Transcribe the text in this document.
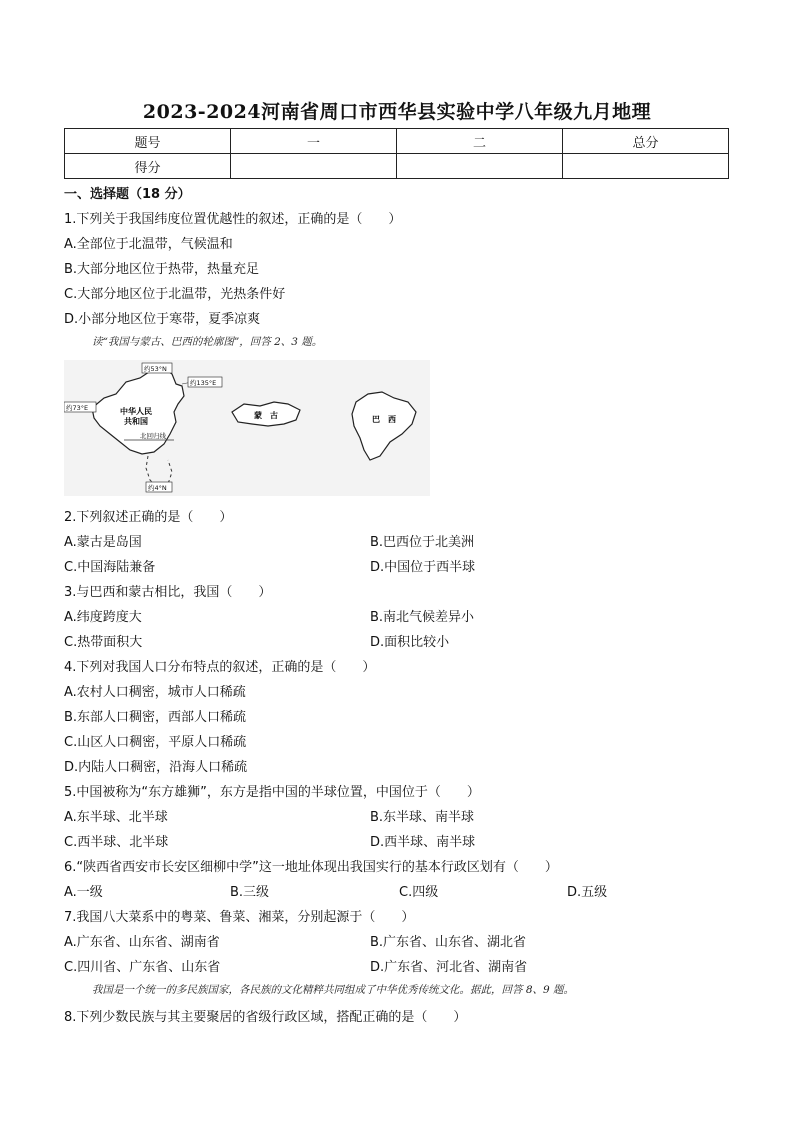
2023-2024河南省周口市西华县实验中学八年级九月地理
题号	一	二	总分
得分			
一、选择题（18 分）
1.下列关于我国纬度位置优越性的叙述，正确的是（　　）
A.全部位于北温带，气候温和
B.大部分地区位于热带，热量充足
C.大部分地区位于北温带，光热条件好
D.小部分地区位于寒带，夏季凉爽
读“我国与蒙古、巴西的轮廓图”，回答 2、3 题。
约53°N
约135°E
约73°E
约4°N
中华人民
共和国
北回归线
蒙　古	巴　西
2.下列叙述正确的是（　　）
A.蒙古是岛国	B.巴西位于北美洲
C.中国海陆兼备	D.中国位于西半球
3.与巴西和蒙古相比，我国（　　）
A.纬度跨度大	B.南北气候差异小
C.热带面积大	D.面积比较小
4.下列对我国人口分布特点的叙述，正确的是（　　）
A.农村人口稠密，城市人口稀疏
B.东部人口稠密，西部人口稀疏
C.山区人口稠密，平原人口稀疏
D.内陆人口稠密，沿海人口稀疏
5.中国被称为“东方雄狮”，东方是指中国的半球位置，中国位于（　　）
A.东半球、北半球	B.东半球、南半球
C.西半球、北半球	D.西半球、南半球
6.“陕西省西安市长安区细柳中学”这一地址体现出我国实行的基本行政区划有（　　）
A.一级	B.三级	C.四级	D.五级
7.我国八大菜系中的粤菜、鲁菜、湘菜，分别起源于（　　）
A.广东省、山东省、湖南省	B.广东省、山东省、湖北省
C.四川省、广东省、山东省	D.广东省、河北省、湖南省
我国是一个统一的多民族国家，各民族的文化精粹共同组成了中华优秀传统文化。据此，回答 8、9 题。
8.下列少数民族与其主要聚居的省级行政区域，搭配正确的是（　　）
